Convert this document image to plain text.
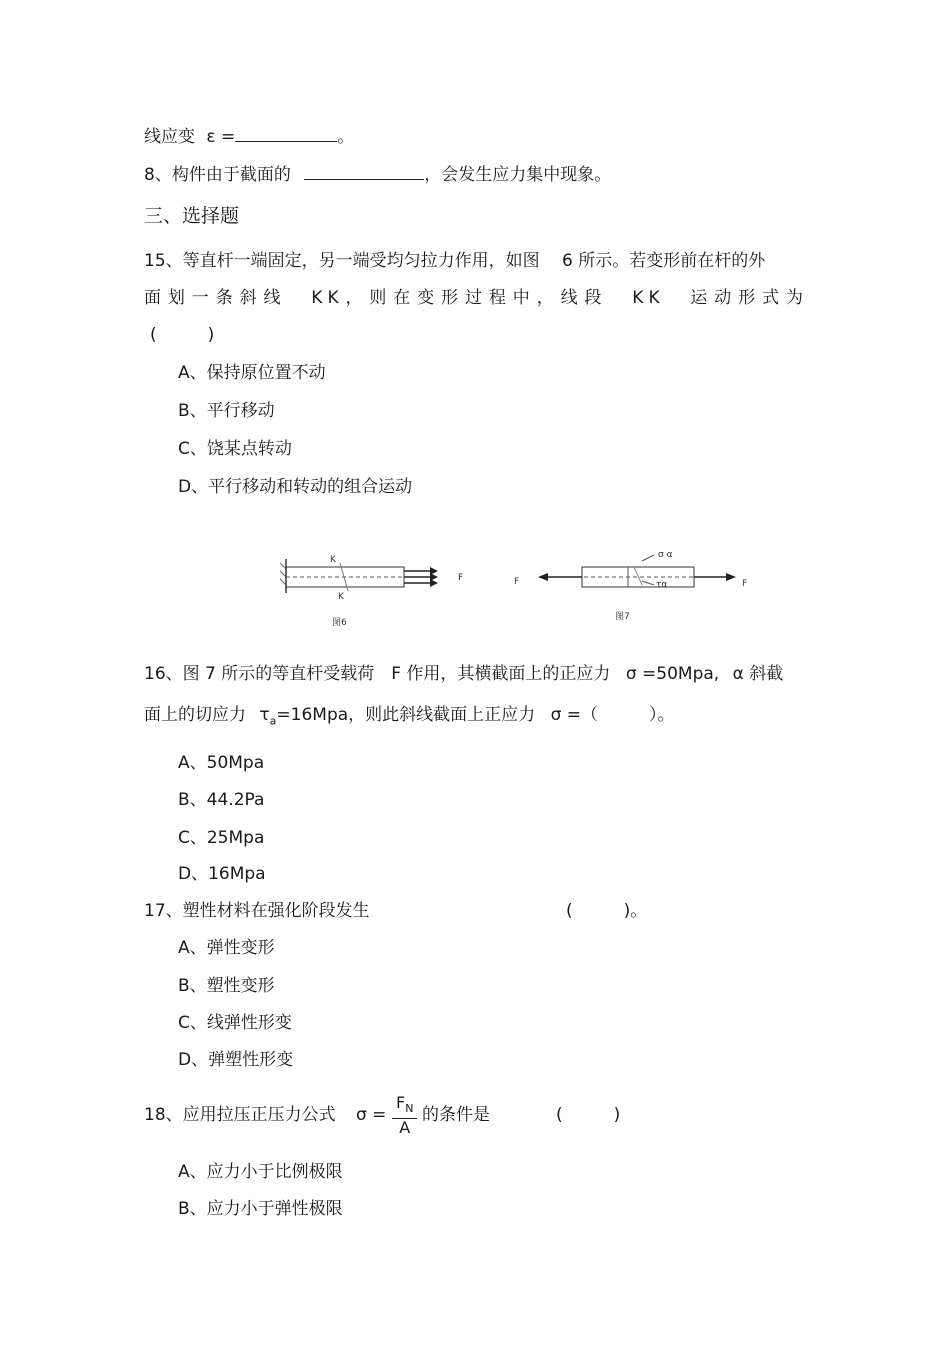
线应变 ε =	。
8、构件由于截面的	，会发生应力集中现象。
三、选择题
15、等直杆一端固定，另一端受均匀拉力作用，如图　 6 所示。若变形前在杆的外
面划一条斜线　KK，则在变形过程中，线段　KK　运动形式为
(　　　)
A、保持原位置不动
B、平行移动
C、饶某点转动
D、平行移动和转动的组合运动
K
K
F
图6
F	F
σ α
τα
图7
16、图 7 所示的等直杆受载荷　F 作用，其横截面上的正应力 σ =50Mpa, α 斜截
面上的切应力 $\tau_a=16Mpa$，则此斜线截面上正应力 σ =（　　　）。
A、50Mpa
B、44.2Pa
C、25Mpa
D、16Mpa
17、塑性材料在强化阶段发生	(　　　)。
A、弹性变形
B、塑性变形
C、线弹性形变
D、弹塑性形变
18、应用拉压正压力公式 $\sigma = \frac{F_N}{A}$ 的条件是	(　　　)
A、应力小于比例极限
B、应力小于弹性极限
